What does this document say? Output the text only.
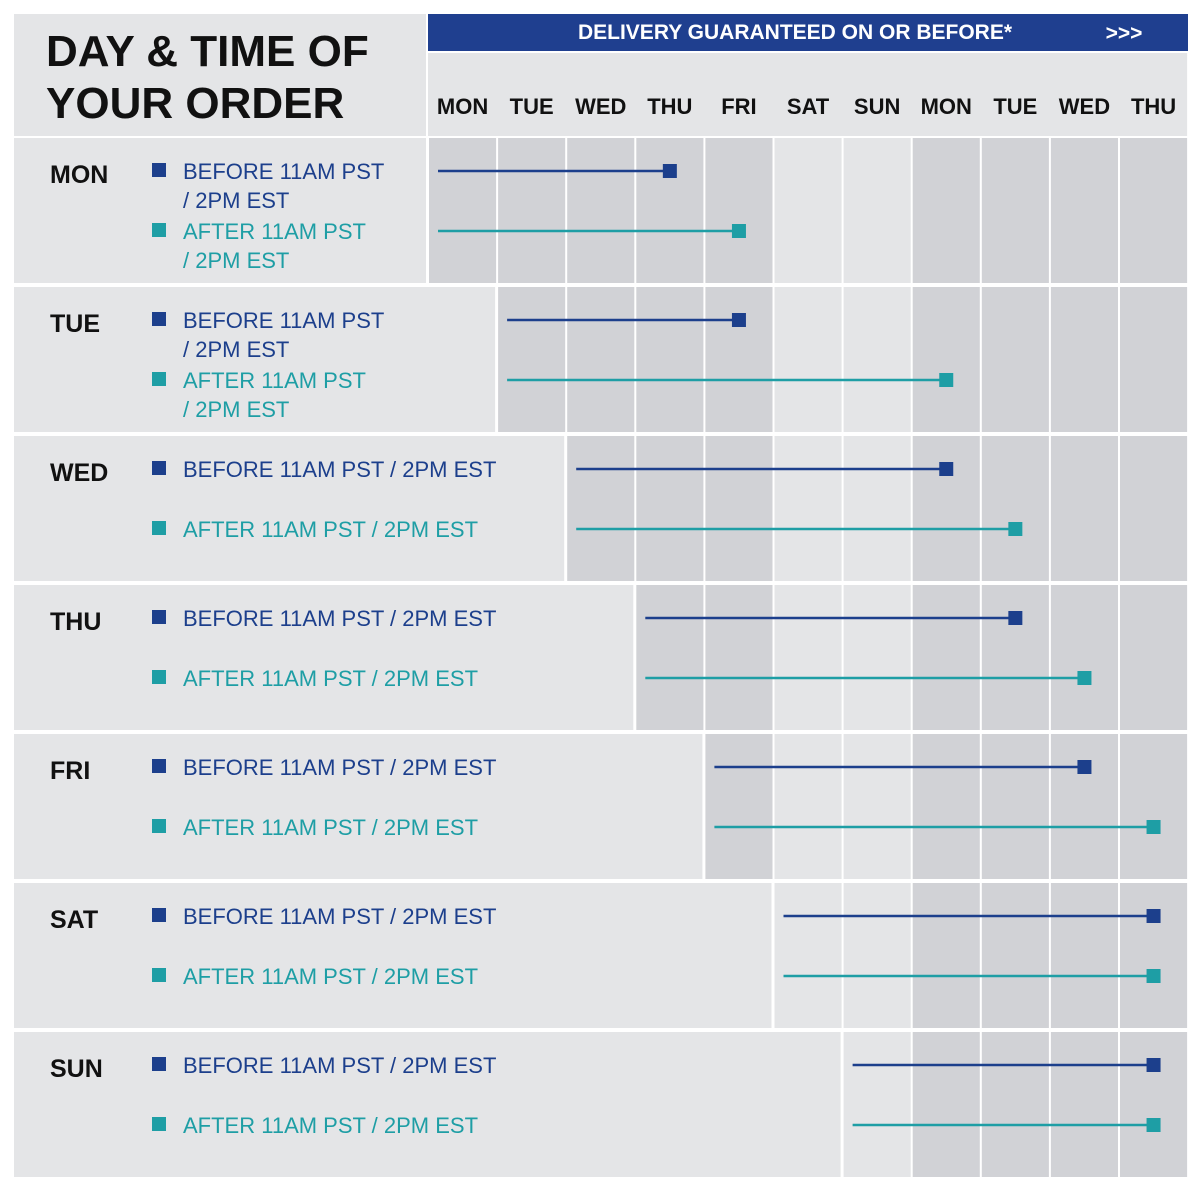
DAY & TIME OF
YOUR ORDER
DELIVERY GUARANTEED ON OR BEFORE*	>>>
MON TUE WED THU FRI SAT SUN MON TUE WED THU
MON	BEFORE 11AM PST
/ 2PM EST
AFTER 11AM PST
/ 2PM EST
TUE	BEFORE 11AM PST
/ 2PM EST
AFTER 11AM PST
/ 2PM EST
WED	BEFORE 11AM PST / 2PM EST
AFTER 11AM PST / 2PM EST
THU	BEFORE 11AM PST / 2PM EST
AFTER 11AM PST / 2PM EST
FRI	BEFORE 11AM PST / 2PM EST
AFTER 11AM PST / 2PM EST
SAT	BEFORE 11AM PST / 2PM EST
AFTER 11AM PST / 2PM EST
SUN	BEFORE 11AM PST / 2PM EST
AFTER 11AM PST / 2PM EST
